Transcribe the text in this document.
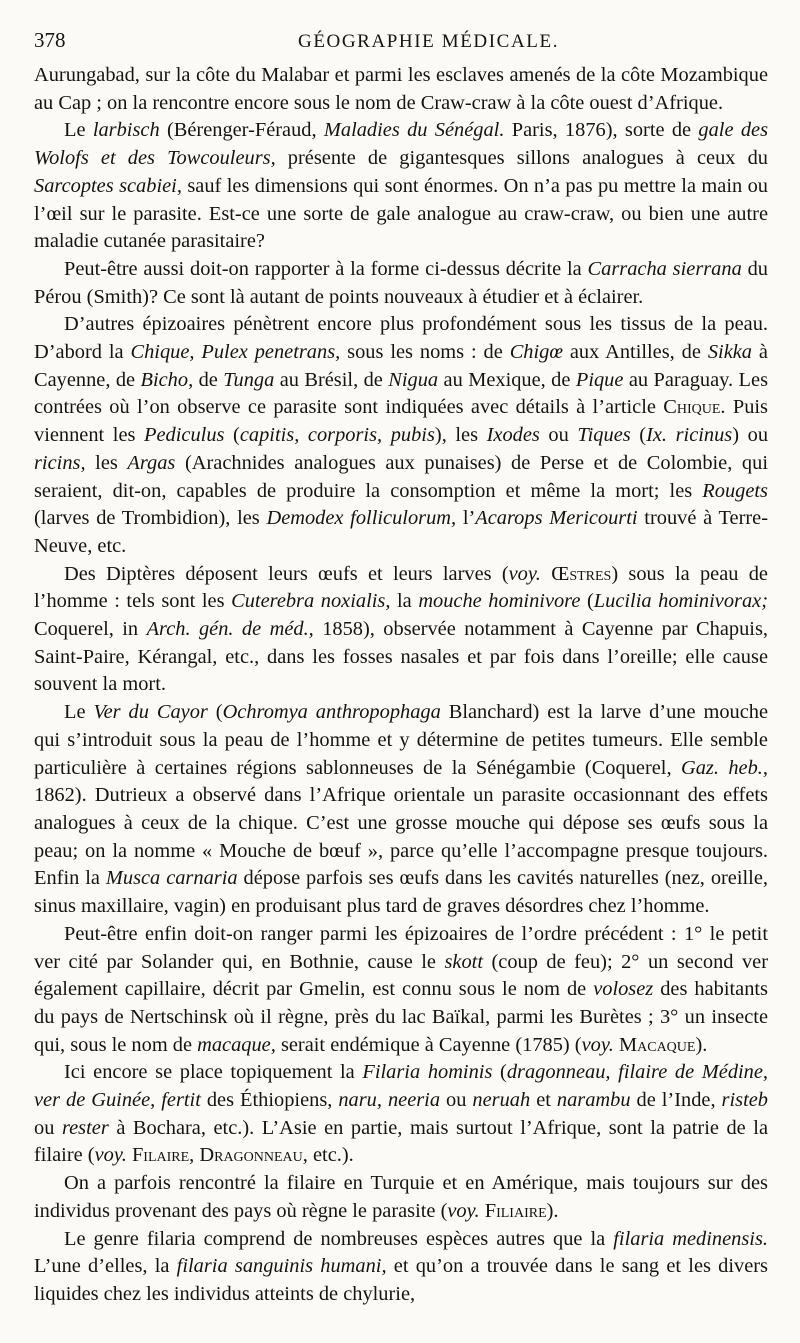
378	GÉOGRAPHIE MÉDICALE.

Aurungabad, sur la côte du Malabar et parmi les esclaves amenés de la côte Mozambique au Cap ; on la rencontre encore sous le nom de Craw-craw à la côte ouest d’Afrique.

Le larbisch (Bérenger-Féraud, Maladies du Sénégal. Paris, 1876), sorte de gale des Wolofs et des Towcouleurs, présente de gigantesques sillons analogues à ceux du Sarcoptes scabiei, sauf les dimensions qui sont énormes. On n’a pas pu mettre la main ou l’œil sur le parasite. Est-ce une sorte de gale analogue au craw-craw, ou bien une autre maladie cutanée parasitaire?

Peut-être aussi doit-on rapporter à la forme ci-dessus décrite la Carracha sierrana du Pérou (Smith)? Ce sont là autant de points nouveaux à étudier et à éclairer.

D’autres épizoaires pénètrent encore plus profondément sous les tissus de la peau. D’abord la Chique, Pulex penetrans, sous les noms : de Chigœ aux Antilles, de Sikka à Cayenne, de Bicho, de Tunga au Brésil, de Nigua au Mexique, de Pique au Paraguay. Les contrées où l’on observe ce parasite sont indiquées avec détails à l’article Chique. Puis viennent les Pediculus (capitis, corporis, pubis), les Ixodes ou Tiques (Ix. ricinus) ou ricins, les Argas (Arachnides analogues aux punaises) de Perse et de Colombie, qui seraient, dit-on, capables de produire la consomption et même la mort; les Rougets (larves de Trombidion), les Demodex folliculorum, l’Acarops Mericourti trouvé à Terre-Neuve, etc.

Des Diptères déposent leurs œufs et leurs larves (voy. Œstres) sous la peau de l’homme : tels sont les Cuterebra noxialis, la mouche hominivore (Lucilia hominivorax; Coquerel, in Arch. gén. de méd., 1858), observée notamment à Cayenne par Chapuis, Saint-Paire, Kérangal, etc., dans les fosses nasales et par fois dans l’oreille; elle cause souvent la mort.

Le Ver du Cayor (Ochromya anthropophaga Blanchard) est la larve d’une mouche qui s’introduit sous la peau de l’homme et y détermine de petites tumeurs. Elle semble particulière à certaines régions sablonneuses de la Sénégambie (Coquerel, Gaz. heb., 1862). Dutrieux a observé dans l’Afrique orientale un parasite occasionnant des effets analogues à ceux de la chique. C’est une grosse mouche qui dépose ses œufs sous la peau; on la nomme « Mouche de bœuf », parce qu’elle l’accompagne presque toujours. Enfin la Musca carnaria dépose parfois ses œufs dans les cavités naturelles (nez, oreille, sinus maxillaire, vagin) en produisant plus tard de graves désordres chez l’homme.

Peut-être enfin doit-on ranger parmi les épizoaires de l’ordre précédent : 1° le petit ver cité par Solander qui, en Bothnie, cause le skott (coup de feu); 2° un second ver également capillaire, décrit par Gmelin, est connu sous le nom de volosez des habitants du pays de Nertschinsk où il règne, près du lac Baïkal, parmi les Burètes ; 3° un insecte qui, sous le nom de macaque, serait endémique à Cayenne (1785) (voy. Macaque).

Ici encore se place topiquement la Filaria hominis (dragonneau, filaire de Médine, ver de Guinée, fertit des Éthiopiens, naru, neeria ou neruah et narambu de l’Inde, risteb ou rester à Bochara, etc.). L’Asie en partie, mais surtout l’Afrique, sont la patrie de la filaire (voy. Filaire, Dragonneau, etc.).

On a parfois rencontré la filaire en Turquie et en Amérique, mais toujours sur des individus provenant des pays où règne le parasite (voy. Filiaire).

Le genre filaria comprend de nombreuses espèces autres que la filaria medinensis. L’une d’elles, la filaria sanguinis humani, et qu’on a trouvée dans le sang et les divers liquides chez les individus atteints de chylurie,
